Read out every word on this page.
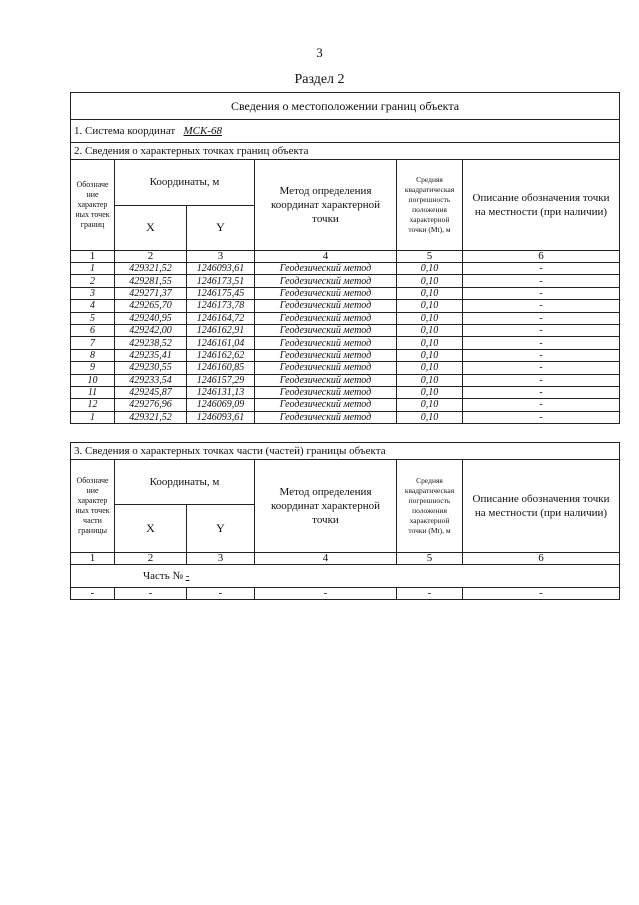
3
Раздел 2
Сведения о местоположении границ объекта					
1. Система координат МСК-68					
2. Сведения о характерных точках границ объекта					
Обозначе ние характер ных точек границ	Координаты, м		Метод определения координат характерной точки	Средняя квадратическая погрешность положения характерной точки (Mt), м	Описание обозначения точки на местности (при наличии)
	X	Y			
1	2	3	4	5	6
1	429321,52	1246093,61	Геодезический метод	0,10	-
2	429281,55	1246173,51	Геодезический метод	0,10	-
3	429271,37	1246175,45	Геодезический метод	0,10	-
4	429265,70	1246173,78	Геодезический метод	0,10	-
5	429240,95	1246164,72	Геодезический метод	0,10	-
6	429242,00	1246162,91	Геодезический метод	0,10	-
7	429238,52	1246161,04	Геодезический метод	0,10	-
8	429235,41	1246162,62	Геодезический метод	0,10	-
9	429230,55	1246160,85	Геодезический метод	0,10	-
10	429233,54	1246157,29	Геодезический метод	0,10	-
11	429245,87	1246131,13	Геодезический метод	0,10	-
12	429276,96	1246069,09	Геодезический метод	0,10	-
1	429321,52	1246093,61	Геодезический метод	0,10	-
3. Сведения о характерных точках части (частей) границы объекта					
Обозначе ние характер ных точек части границы	Координаты, м		Метод определения координат характерной точки	Средняя квадратическая погрешность положения характерной точки (Mt), м	Описание обозначения точки на местности (при наличии)
	X	Y			
1	2	3	4	5	6
Часть № -					
-	-	-	-	-	-
